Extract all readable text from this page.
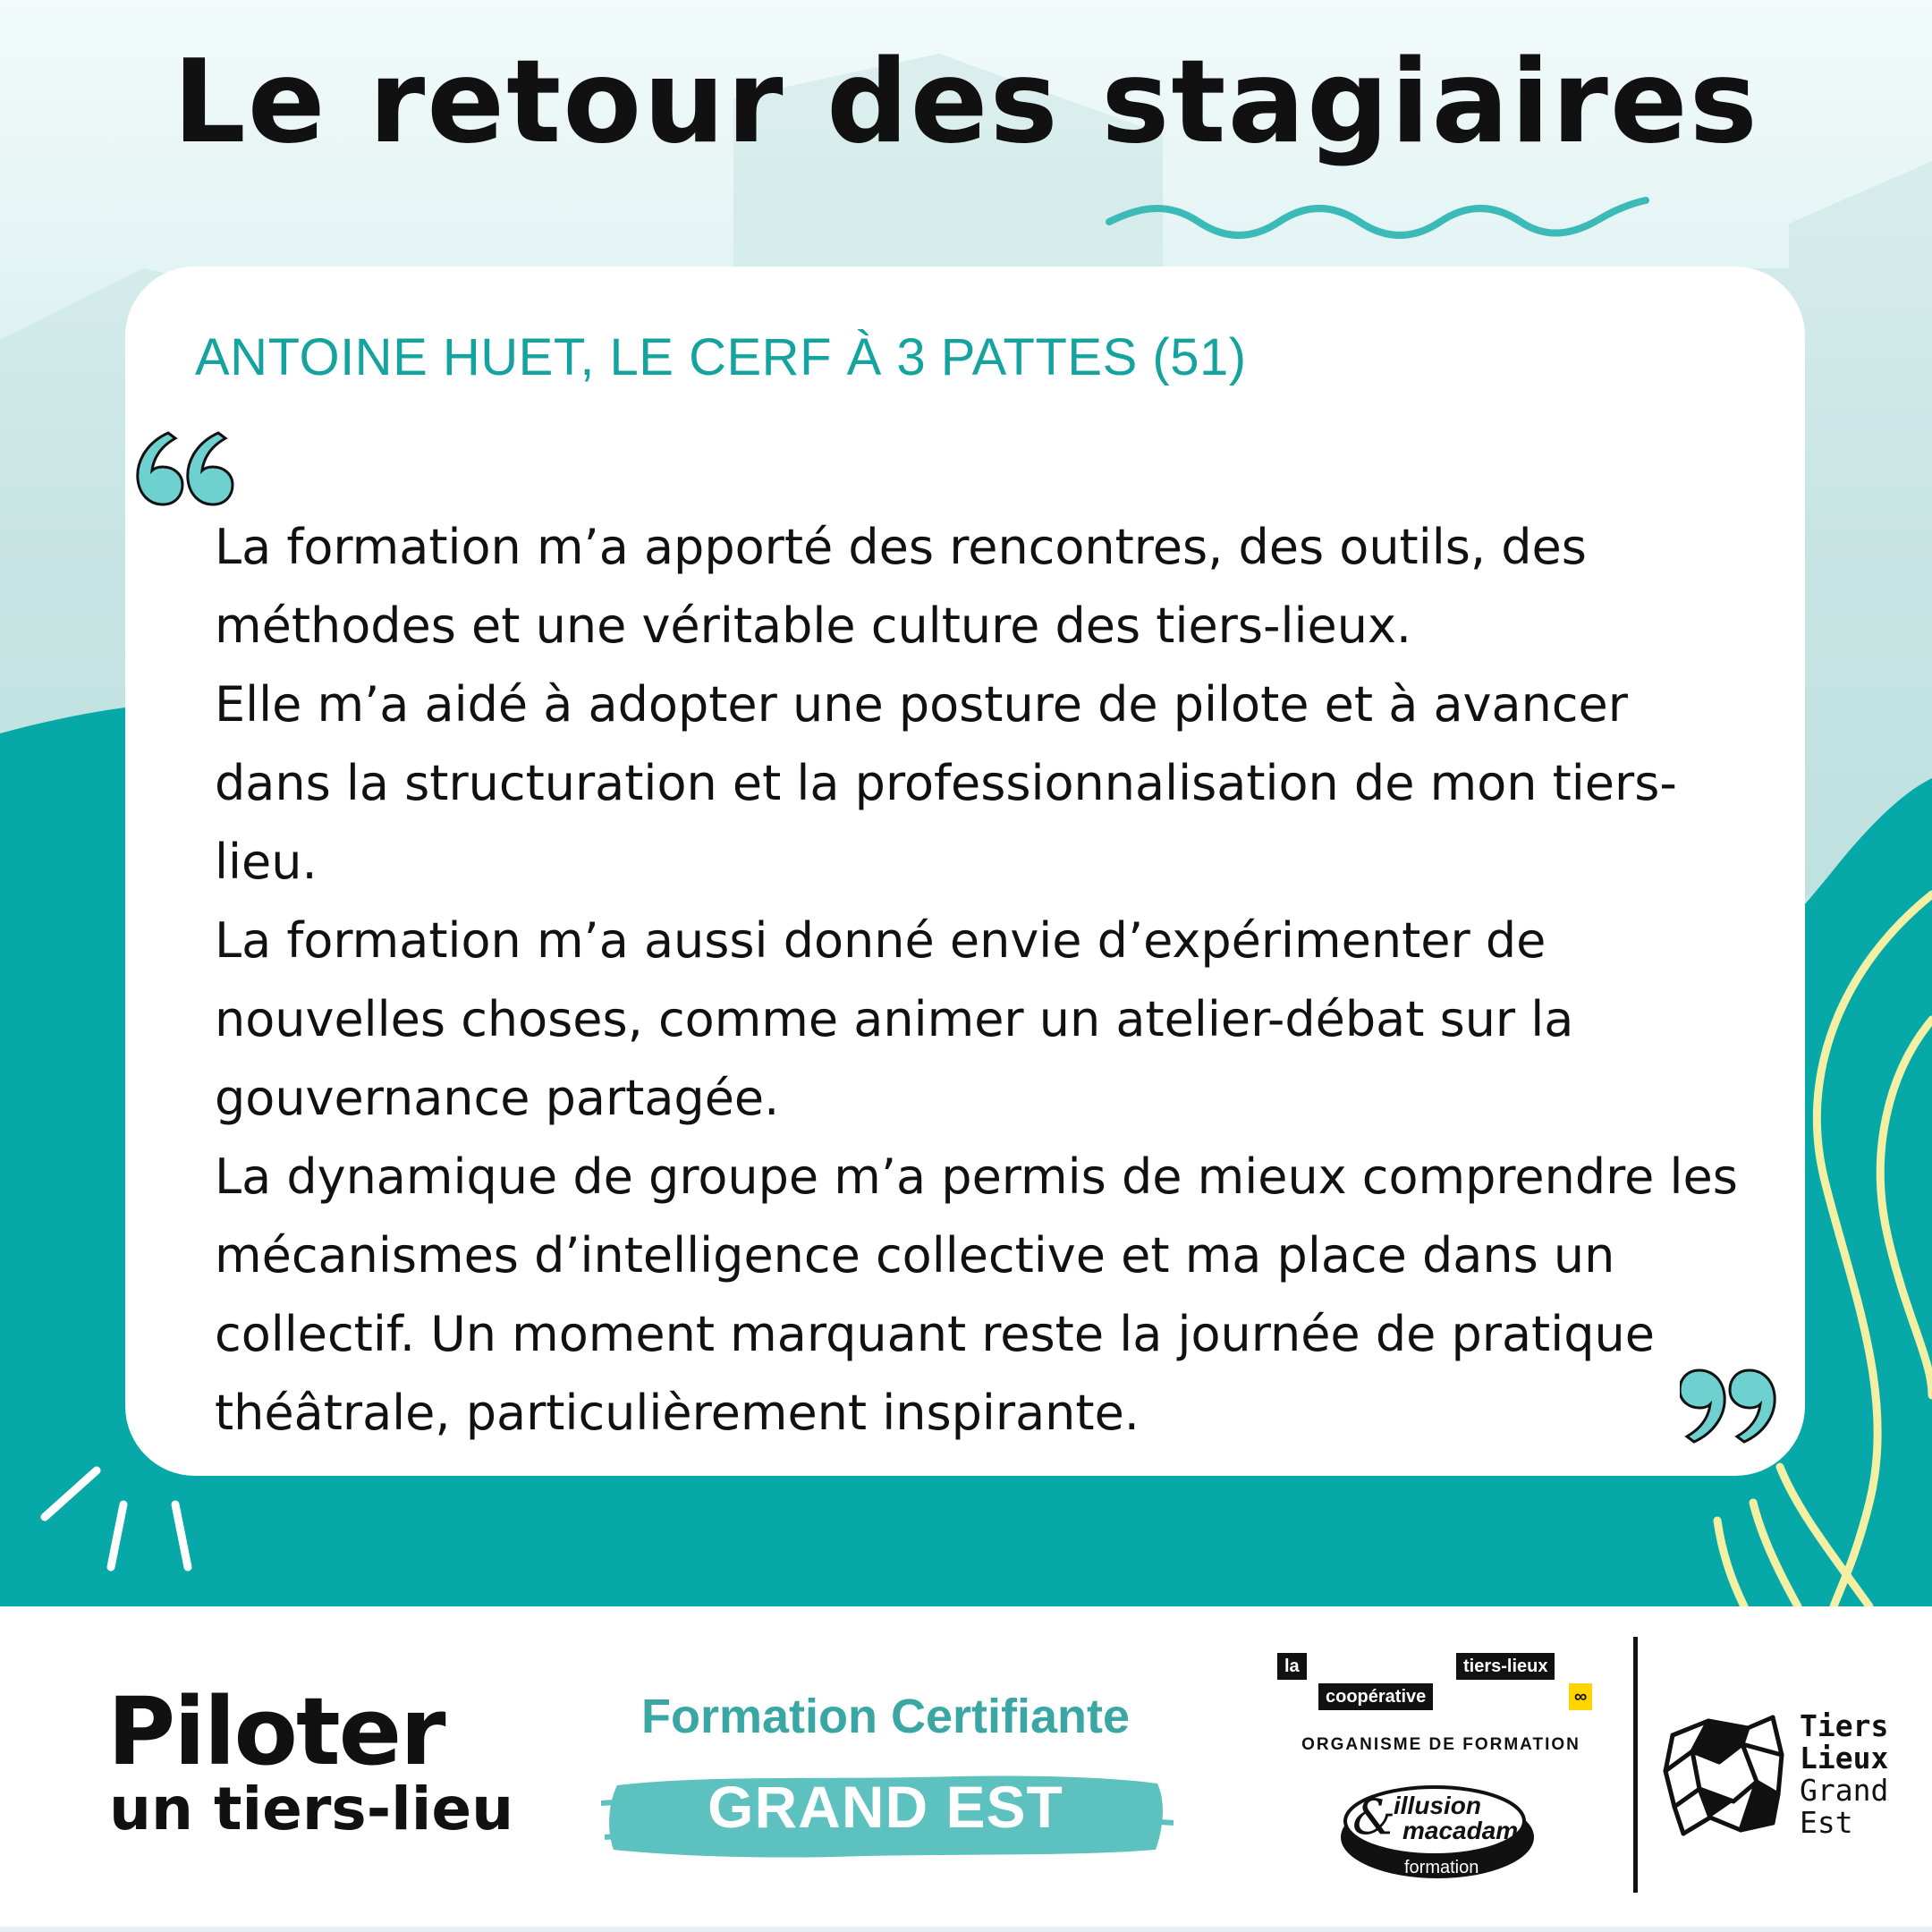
Le retour des stagiaires
ANTOINE HUET, LE CERF À 3 PATTES (51)

La formation m’a apporté des rencontres, des outils, des méthodes et une véritable culture des tiers-lieux.

Elle m’a aidé à adopter une posture de pilote et à avancer dans la structuration et la professionnalisation de mon tiers-lieu.

La formation m’a aussi donné envie d’expérimenter de nouvelles choses, comme animer un atelier-débat sur la gouvernance partagée.

La dynamique de groupe m’a permis de mieux comprendre les mécanismes d’intelligence collective et ma place dans un collectif. Un moment marquant reste la journée de pratique théâtrale, particulièrement inspirante.

Piloter
un tiers-lieu
Formation Certifiante
GRAND EST
la
coopérative
tiers-lieux
∞
ORGANISME DE FORMATION
&
illusion
macadam
formation
Tiers
Lieux
Grand
Est
